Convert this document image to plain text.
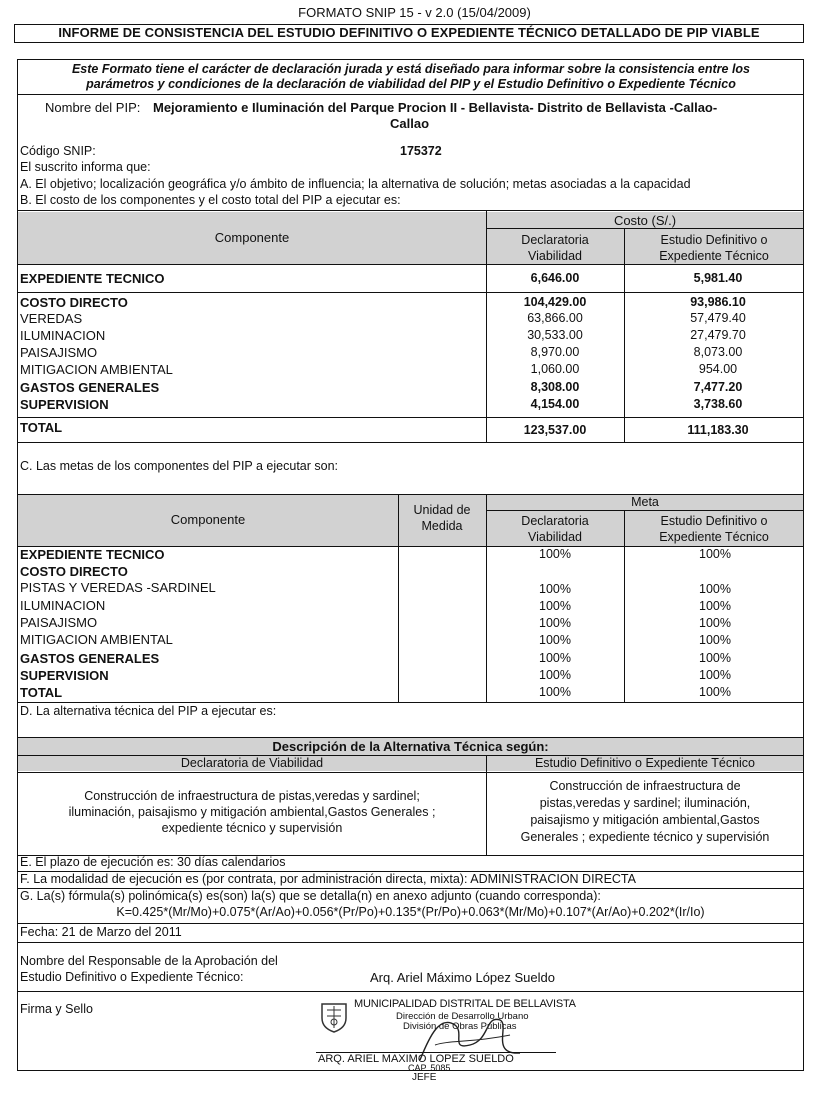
FORMATO SNIP 15 - v 2.0 (15/04/2009)
INFORME DE CONSISTENCIA DEL ESTUDIO DEFINITIVO O EXPEDIENTE TÉCNICO DETALLADO DE PIP VIABLE
Este Formato tiene el carácter de declaración jurada y está diseñado para informar sobre la consistencia entre los
parámetros y condiciones de la declaración de viabilidad del PIP y el Estudio Definitivo o Expediente Técnico
Nombre del PIP: Mejoramiento e Iluminación del Parque Procion II - Bellavista- Distrito de Bellavista -Callao-
Callao
Código SNIP:	175372
El suscrito informa que:
A. El objetivo; localización geográfica y/o ámbito de influencia; la alternativa de solución; metas asociadas a la capacidad
B. El costo de los componentes y el costo total del PIP a ejecutar es:
Componente
Costo (S/.)
Declaratoria
Viabilidad
Estudio Definitivo o
Expediente Técnico
EXPEDIENTE TECNICO	6,646.00	5,981.40
COSTO DIRECTO	104,429.00	93,986.10
VEREDAS	63,866.00	57,479.40
ILUMINACION	30,533.00	27,479.70
PAISAJISMO	8,970.00	8,073.00
MITIGACION AMBIENTAL	1,060.00	954.00
GASTOS GENERALES	8,308.00	7,477.20
SUPERVISION	4,154.00	3,738.60
TOTAL	123,537.00	111,183.30
C. Las metas de los componentes del PIP a ejecutar son:
Componente
Unidad de
Medida
Meta
Declaratoria
Viabilidad
Estudio Definitivo o
Expediente Técnico
EXPEDIENTE TECNICO	100%	100%
COSTO DIRECTO
PISTAS Y VEREDAS -SARDINEL	100%	100%
ILUMINACION	100%	100%
PAISAJISMO	100%	100%
MITIGACION AMBIENTAL	100%	100%
GASTOS GENERALES	100%	100%
SUPERVISION	100%	100%
TOTAL	100%	100%
D. La alternativa técnica del PIP a ejecutar es:
Descripción de la Alternativa Técnica según:
Declaratoria de Viabilidad	Estudio Definitivo o Expediente Técnico
Construcción de infraestructura de pistas,veredas y sardinel;
iluminación, paisajismo y mitigación ambiental,Gastos Generales ;
expediente técnico y supervisión
Construcción de infraestructura de
pistas,veredas y sardinel; iluminación,
paisajismo y mitigación ambiental,Gastos
Generales ; expediente técnico y supervisión
E. El plazo de ejecución es: 30 días calendarios
F. La modalidad de ejecución es (por contrata, por administración directa, mixta): ADMINISTRACION DIRECTA
G. La(s) fórmula(s) polinómica(s) es(son) la(s) que se detalla(n) en anexo adjunto (cuando corresponda):
K=0.425*(Mr/Mo)+0.075*(Ar/Ao)+0.056*(Pr/Po)+0.135*(Pr/Po)+0.063*(Mr/Mo)+0.107*(Ar/Ao)+0.202*(Ir/Io)
Fecha: 21 de Marzo del 2011
Nombre del Responsable de la Aprobación del
Estudio Definitivo o Expediente Técnico:	Arq. Ariel Máximo López Sueldo
Firma y Sello	MUNICIPALIDAD DISTRITAL DE BELLAVISTA
Dirección de Desarrollo Urbano
División de Obras Públicas
ARQ. ARIEL MAXIMO LOPEZ SUELDO
CAP. 5085
JEFE
